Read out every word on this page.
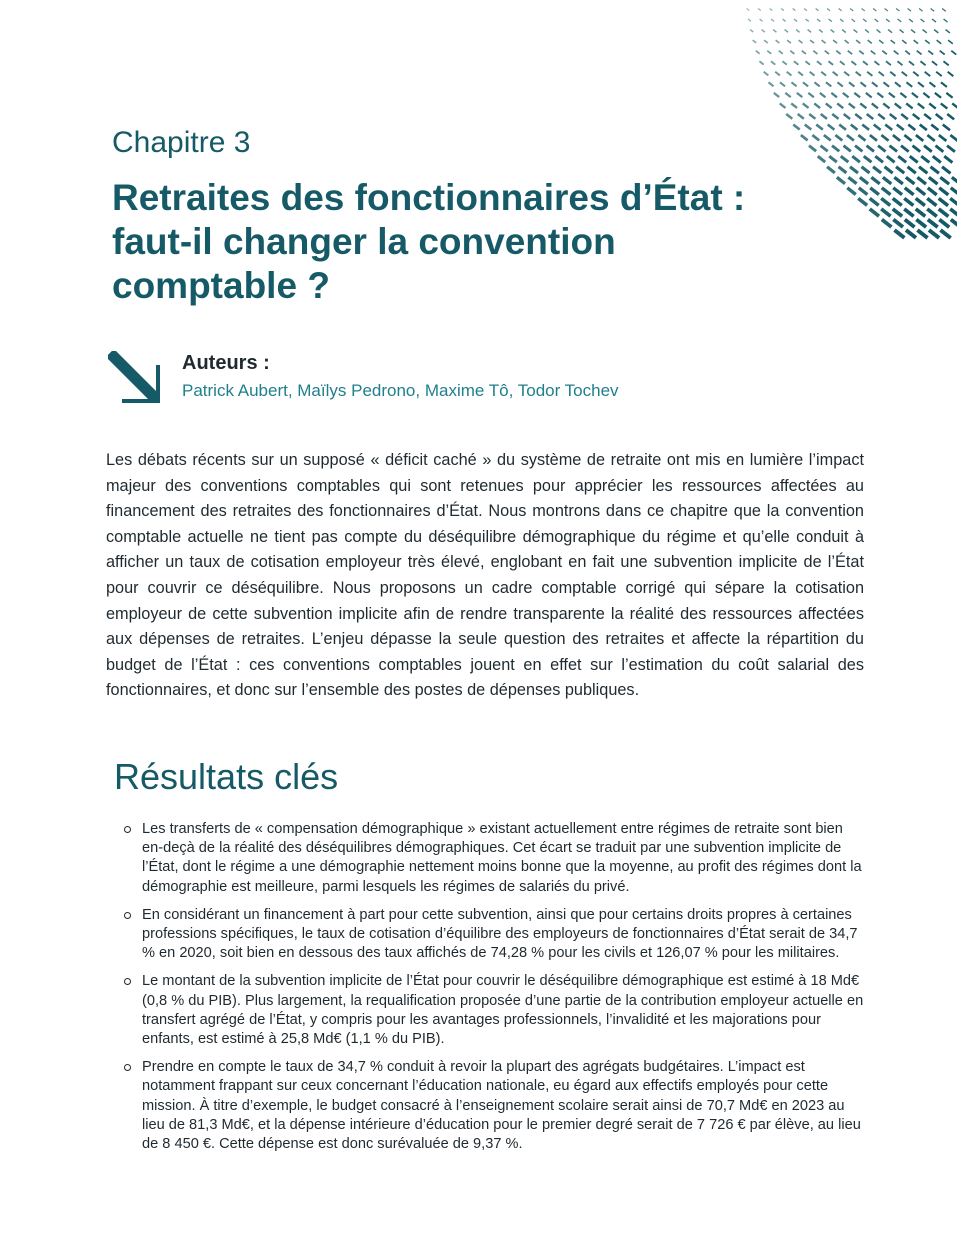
Chapitre 3
Retraites des fonctionnaires d’État : faut-il changer la convention comptable ?
Auteurs :
Patrick Aubert, Maïlys Pedrono, Maxime Tô, Todor Tochev

Les débats récents sur un supposé « déficit caché » du système de retraite ont mis en lumière l’impact majeur des conventions comptables qui sont retenues pour apprécier les ressources affectées au financement des retraites des fonctionnaires d’État. Nous montrons dans ce chapitre que la convention comptable actuelle ne tient pas compte du déséquilibre démographique du régime et qu’elle conduit à afficher un taux de cotisation employeur très élevé, englobant en fait une subvention implicite de l’État pour couvrir ce déséquilibre. Nous proposons un cadre comptable corrigé qui sépare la cotisation employeur de cette subvention implicite afin de rendre transparente la réalité des ressources affectées aux dépenses de retraites. L’enjeu dépasse la seule question des retraites et affecte la répartition du budget de l’État : ces conventions comptables jouent en effet sur l’estimation du coût salarial des fonctionnaires, et donc sur l’ensemble des postes de dépenses publiques.

Résultats clés
Les transferts de « compensation démographique » existant actuellement entre régimes de retraite sont bien en-deçà de la réalité des déséquilibres démographiques. Cet écart se traduit par une subvention implicite de l’État, dont le régime a une démographie nettement moins bonne que la moyenne, au profit des régimes dont la démographie est meilleure, parmi lesquels les régimes de salariés du privé.
En considérant un financement à part pour cette subvention, ainsi que pour certains droits propres à certaines professions spécifiques, le taux de cotisation d’équilibre des employeurs de fonctionnaires d’État serait de 34,7 % en 2020, soit bien en dessous des taux affichés de 74,28 % pour les civils et 126,07 % pour les militaires.
Le montant de la subvention implicite de l’État pour couvrir le déséquilibre démographique est estimé à 18 Md€ (0,8 % du PIB). Plus largement, la requalification proposée d’une partie de la contribution employeur actuelle en transfert agrégé de l’État, y compris pour les avantages professionnels, l’invalidité et les majorations pour enfants, est estimé à 25,8 Md€ (1,1 % du PIB).
Prendre en compte le taux de 34,7 % conduit à revoir la plupart des agrégats budgétaires. L’impact est notamment frappant sur ceux concernant l’éducation nationale, eu égard aux effectifs employés pour cette mission. À titre d’exemple, le budget consacré à l’enseignement scolaire serait ainsi de 70,7 Md€ en 2023 au lieu de 81,3 Md€, et la dépense intérieure d’éducation pour le premier degré serait de 7 726 € par élève, au lieu de 8 450 €. Cette dépense est donc surévaluée de 9,37 %.
